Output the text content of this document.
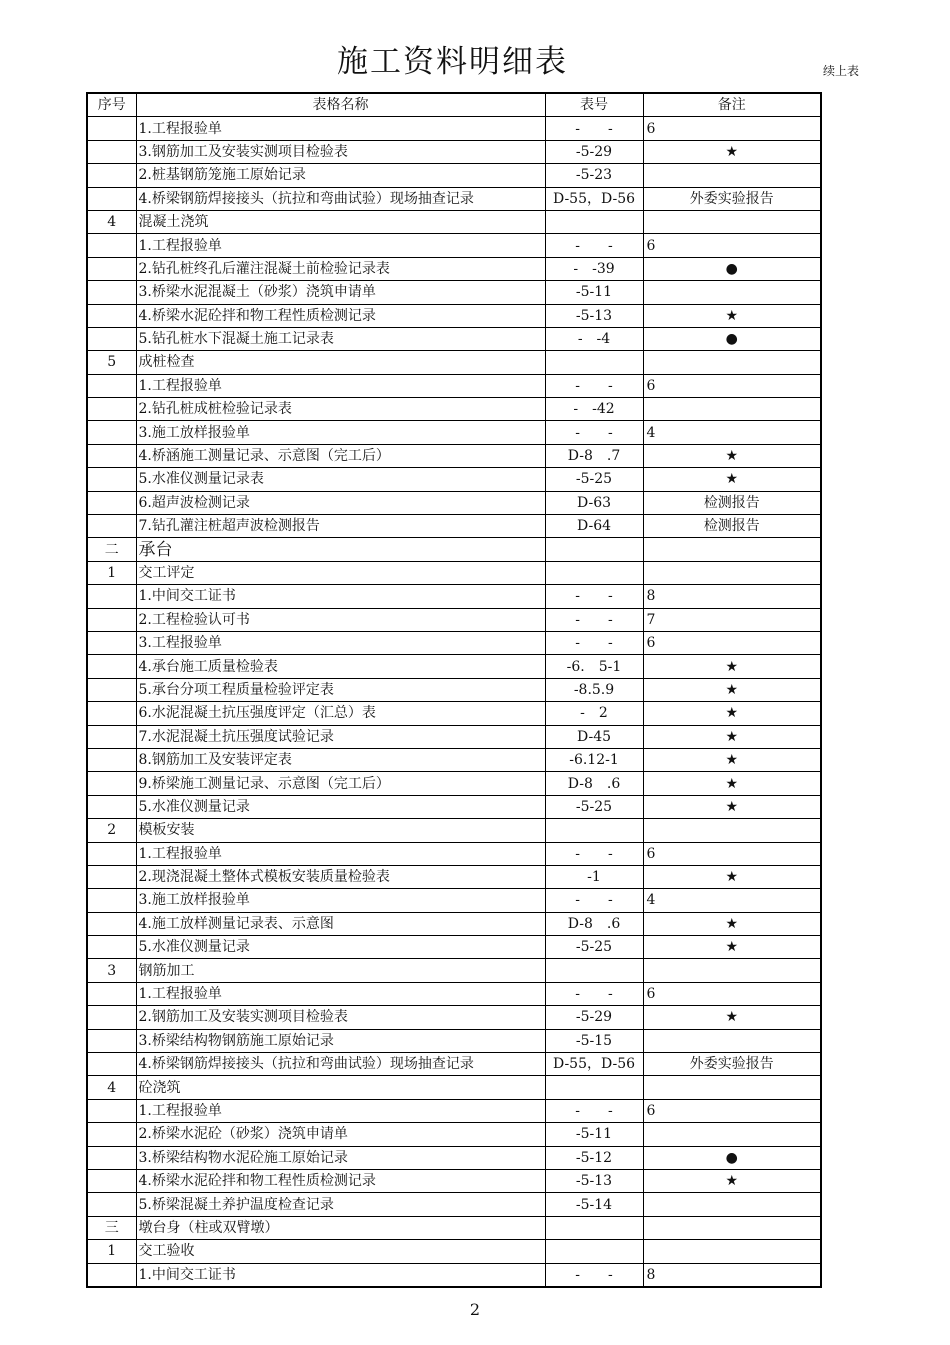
施工资料明细表	续上表
序号	表格名称	表号	备注
	1.工程报验单	-　　-	6
	3.钢筋加工及安装实测项目检验表	-5-29	★
	2.桩基钢筋笼施工原始记录	-5-23	
	4.桥梁钢筋焊接接头（抗拉和弯曲试验）现场抽查记录	D-55，D-56	外委实验报告
4	混凝土浇筑		
	1.工程报验单	-　　-	6
	2.钻孔桩终孔后灌注混凝土前检验记录表	-　-39	●
	3.桥梁水泥混凝土（砂浆）浇筑申请单	-5-11	
	4.桥梁水泥砼拌和物工程性质检测记录	-5-13	★
	5.钻孔桩水下混凝土施工记录表	-　-4	●
5	成桩检查		
	1.工程报验单	-　　-	6
	2.钻孔桩成桩检验记录表	-　-42	
	3.施工放样报验单	-　　-	4
	4.桥涵施工测量记录、示意图（完工后）	D-8　.7	★
	5.水准仪测量记录表	-5-25	★
	6.超声波检测记录	D-63	检测报告
	7.钻孔灌注桩超声波检测报告	D-64	检测报告
二	承台		
1	交工评定		
	1.中间交工证书	-　　-	8
	2.工程检验认可书	-　　-	7
	3.工程报验单	-　　-	6
	4.承台施工质量检验表	-6.　5-1	★
	5.承台分项工程质量检验评定表	-8.5.9	★
	6.水泥混凝土抗压强度评定（汇总）表	-　2	★
	7.水泥混凝土抗压强度试验记录	D-45	★
	8.钢筋加工及安装评定表	-6.12-1	★
	9.桥梁施工测量记录、示意图（完工后）	D-8　.6	★
	5.水准仪测量记录	-5-25	★
2	模板安装		
	1.工程报验单	-　　-	6
	2.现浇混凝土整体式模板安装质量检验表	-1	★
	3.施工放样报验单	-　　-	4
	4.施工放样测量记录表、示意图	D-8　.6	★
	5.水准仪测量记录	-5-25	★
3	钢筋加工		
	1.工程报验单	-　　-	6
	2.钢筋加工及安装实测项目检验表	-5-29	★
	3.桥梁结构物钢筋施工原始记录	-5-15	
	4.桥梁钢筋焊接接头（抗拉和弯曲试验）现场抽查记录	D-55，D-56	外委实验报告
4	砼浇筑		
	1.工程报验单	-　　-	6
	2.桥梁水泥砼（砂浆）浇筑申请单	-5-11	
	3.桥梁结构物水泥砼施工原始记录	-5-12	●
	4.桥梁水泥砼拌和物工程性质检测记录	-5-13	★
	5.桥梁混凝土养护温度检查记录	-5-14	
三	墩台身（柱或双臂墩）		
1	交工验收		
	1.中间交工证书	-　　-	8
2
